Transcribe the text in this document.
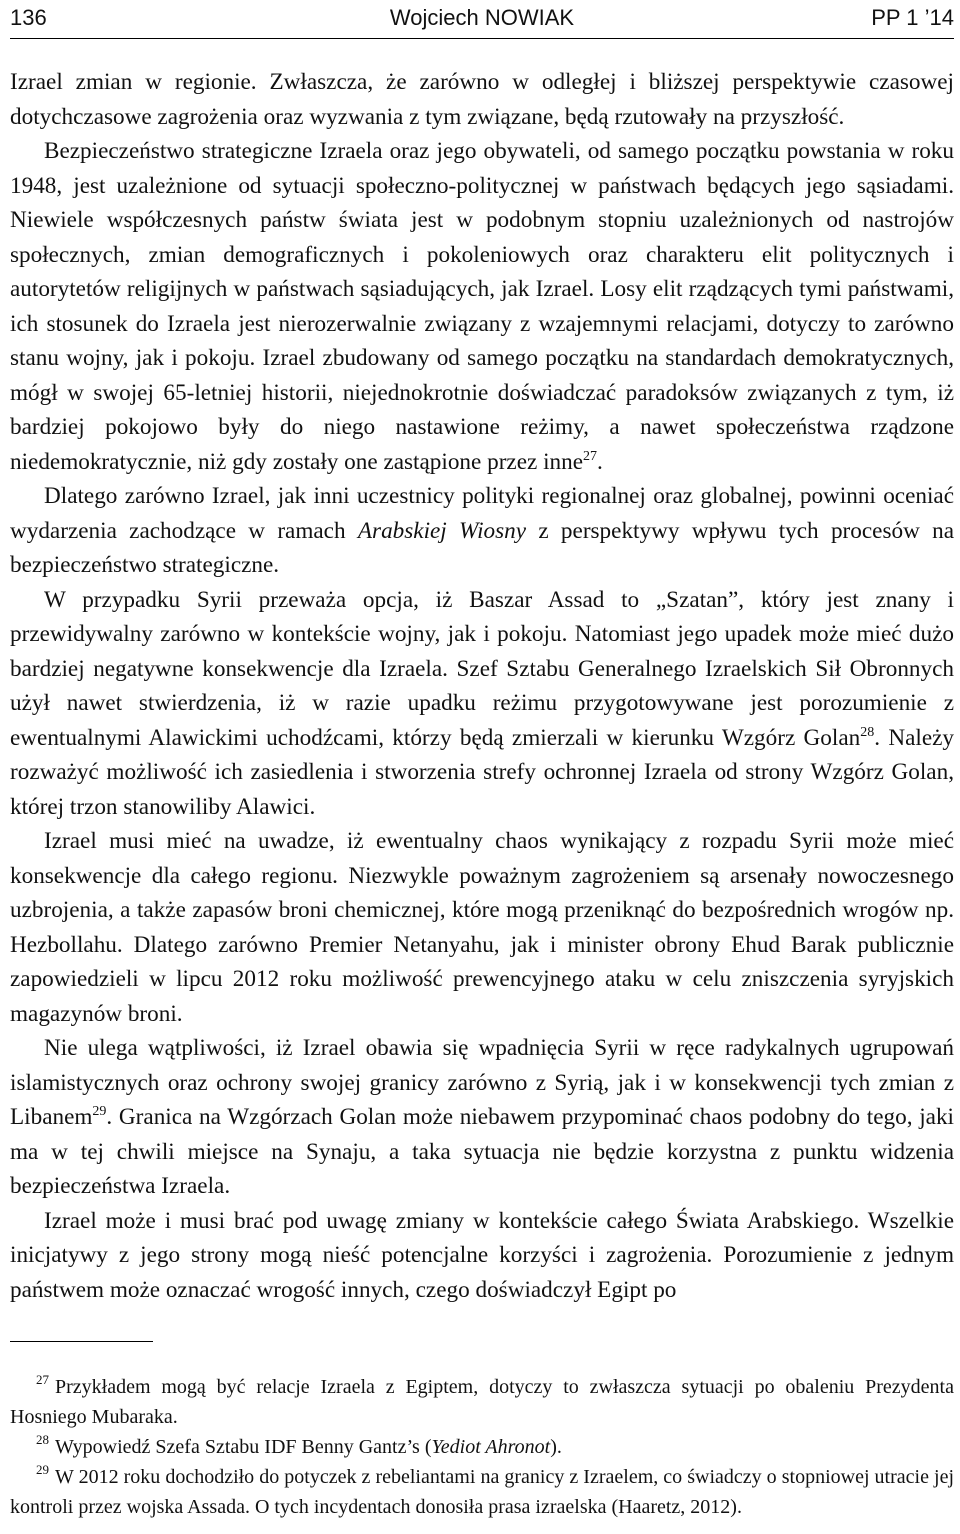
136	Wojciech NOWIAK	PP 1 ’14

Izrael zmian w regionie. Zwłaszcza, że zarówno w odległej i bliższej perspektywie czasowej dotychczasowe zagrożenia oraz wyzwania z tym związane, będą rzutowały na przyszłość.

Bezpieczeństwo strategiczne Izraela oraz jego obywateli, od samego początku powstania w roku 1948, jest uzależnione od sytuacji społeczno-politycznej w państwach będących jego sąsiadami. Niewiele współczesnych państw świata jest w podobnym stopniu uzależnionych od nastrojów społecznych, zmian demograficznych i pokoleniowych oraz charakteru elit politycznych i autorytetów religijnych w państwach sąsiadujących, jak Izrael. Losy elit rządzących tymi państwami, ich stosunek do Izraela jest nierozerwalnie związany z wzajemnymi relacjami, dotyczy to zarówno stanu wojny, jak i pokoju. Izrael zbudowany od samego początku na standardach demokratycznych, mógł w swojej 65-letniej historii, niejednokrotnie doświadczać paradoksów związanych z tym, iż bardziej pokojowo były do niego nastawione reżimy, a nawet społeczeństwa rządzone niedemokratycznie, niż gdy zostały one zastąpione przez inne$^{27}$.

Dlatego zarówno Izrael, jak inni uczestnicy polityki regionalnej oraz globalnej, powinni oceniać wydarzenia zachodzące w ramach Arabskiej Wiosny z perspektywy wpływu tych procesów na bezpieczeństwo strategiczne.

W przypadku Syrii przeważa opcja, iż Baszar Assad to „Szatan”, który jest znany i przewidywalny zarówno w kontekście wojny, jak i pokoju. Natomiast jego upadek może mieć dużo bardziej negatywne konsekwencje dla Izraela. Szef Sztabu Generalnego Izraelskich Sił Obronnych użył nawet stwierdzenia, iż w razie upadku reżimu przygotowywane jest porozumienie z ewentualnymi Alawickimi uchodźcami, którzy będą zmierzali w kierunku Wzgórz Golan$^{28}$. Należy rozważyć możliwość ich zasiedlenia i stworzenia strefy ochronnej Izraela od strony Wzgórz Golan, której trzon stanowiliby Alawici.

Izrael musi mieć na uwadze, iż ewentualny chaos wynikający z rozpadu Syrii może mieć konsekwencje dla całego regionu. Niezwykle poważnym zagrożeniem są arsenały nowoczesnego uzbrojenia, a także zapasów broni chemicznej, które mogą przeniknąć do bezpośrednich wrogów np. Hezbollahu. Dlatego zarówno Premier Netanyahu, jak i minister obrony Ehud Barak publicznie zapowiedzieli w lipcu 2012 roku możliwość prewencyjnego ataku w celu zniszczenia syryjskich magazynów broni.

Nie ulega wątpliwości, iż Izrael obawia się wpadnięcia Syrii w ręce radykalnych ugrupowań islamistycznych oraz ochrony swojej granicy zarówno z Syrią, jak i w konsekwencji tych zmian z Libanem$^{29}$. Granica na Wzgórzach Golan może niebawem przypominać chaos podobny do tego, jaki ma w tej chwili miejsce na Synaju, a taka sytuacja nie będzie korzystna z punktu widzenia bezpieczeństwa Izraela.

Izrael może i musi brać pod uwagę zmiany w kontekście całego Świata Arabskiego. Wszelkie inicjatywy z jego strony mogą nieść potencjalne korzyści i zagrożenia. Porozumienie z jednym państwem może oznaczać wrogość innych, czego doświadczył Egipt po

$^{27}$ Przykładem mogą być relacje Izraela z Egiptem, dotyczy to zwłaszcza sytuacji po obaleniu Prezydenta Hosniego Mubaraka.

$^{28}$ Wypowiedź Szefa Sztabu IDF Benny Gantz’s (Yediot Ahronot).

$^{29}$ W 2012 roku dochodziło do potyczek z rebeliantami na granicy z Izraelem, co świadczy o stopniowej utracie jej kontroli przez wojska Assada. O tych incydentach donosiła prasa izraelska (Haaretz, 2012).
